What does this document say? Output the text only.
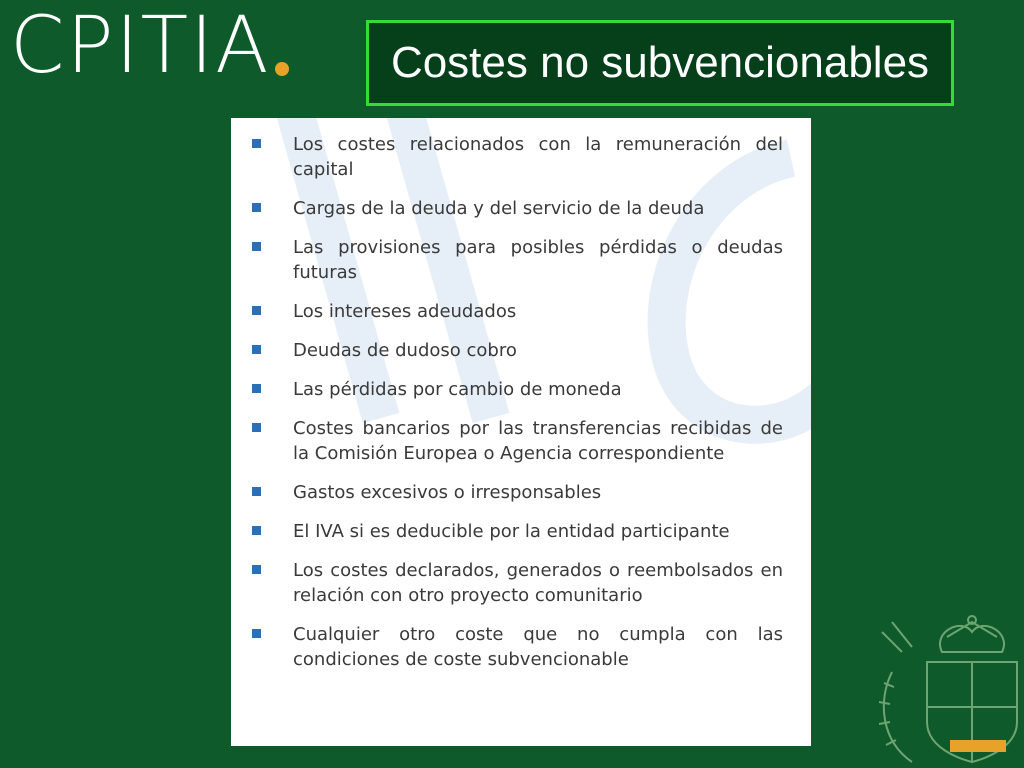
CPITIA	Costes no subvencionables
Los costes relacionados con la remuneración del capital
Cargas de la deuda y del servicio de la deuda
Las provisiones para posibles pérdidas o deudas futuras
Los intereses adeudados
Deudas de dudoso cobro
Las pérdidas por cambio de moneda
Costes bancarios por las transferencias recibidas de la Comisión Europea o Agencia correspondiente
Gastos excesivos o irresponsables
El IVA si es deducible por la entidad participante
Los costes declarados, generados o reembolsados en relación con otro proyecto comunitario
Cualquier otro coste que no cumpla con las condiciones de coste subvencionable
